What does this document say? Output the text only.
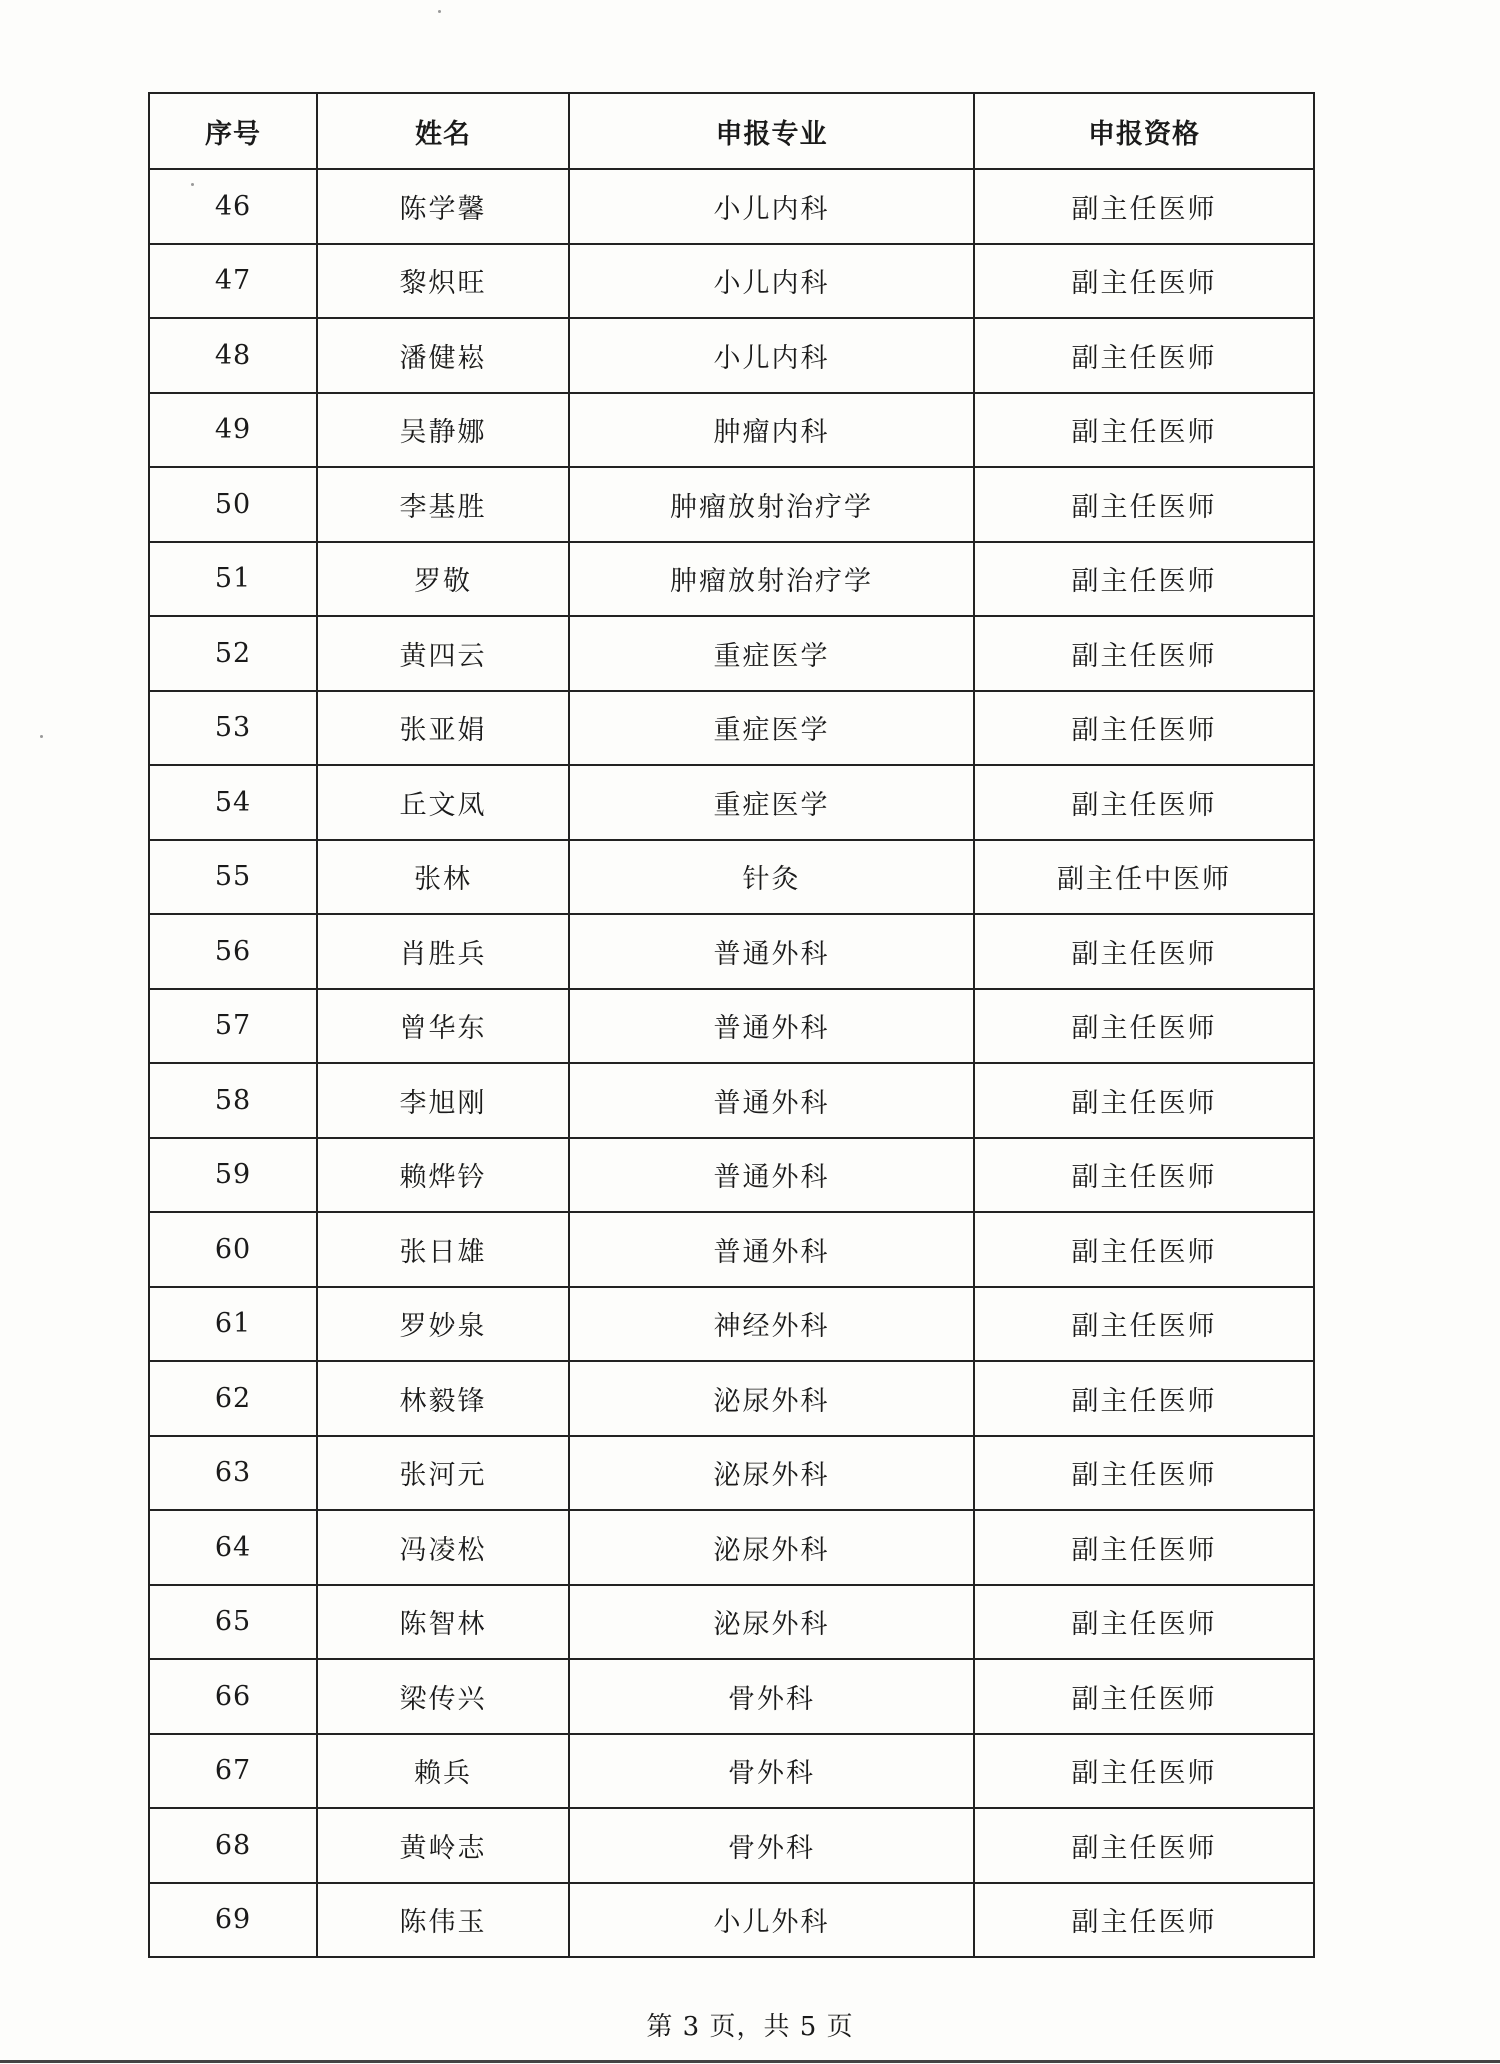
序号	姓名	申报专业	申报资格
46	陈学馨	小儿内科	副主任医师
47	黎炽旺	小儿内科	副主任医师
48	潘健崧	小儿内科	副主任医师
49	吴静娜	肿瘤内科	副主任医师
50	李基胜	肿瘤放射治疗学	副主任医师
51	罗敬	肿瘤放射治疗学	副主任医师
52	黄四云	重症医学	副主任医师
53	张亚娟	重症医学	副主任医师
54	丘文凤	重症医学	副主任医师
55	张林	针灸	副主任中医师
56	肖胜兵	普通外科	副主任医师
57	曾华东	普通外科	副主任医师
58	李旭刚	普通外科	副主任医师
59	赖烨钤	普通外科	副主任医师
60	张日雄	普通外科	副主任医师
61	罗妙泉	神经外科	副主任医师
62	林毅锋	泌尿外科	副主任医师
63	张河元	泌尿外科	副主任医师
64	冯凌松	泌尿外科	副主任医师
65	陈智林	泌尿外科	副主任医师
66	梁传兴	骨外科	副主任医师
67	赖兵	骨外科	副主任医师
68	黄岭志	骨外科	副主任医师
69	陈伟玉	小儿外科	副主任医师
第 3 页，共 5 页
